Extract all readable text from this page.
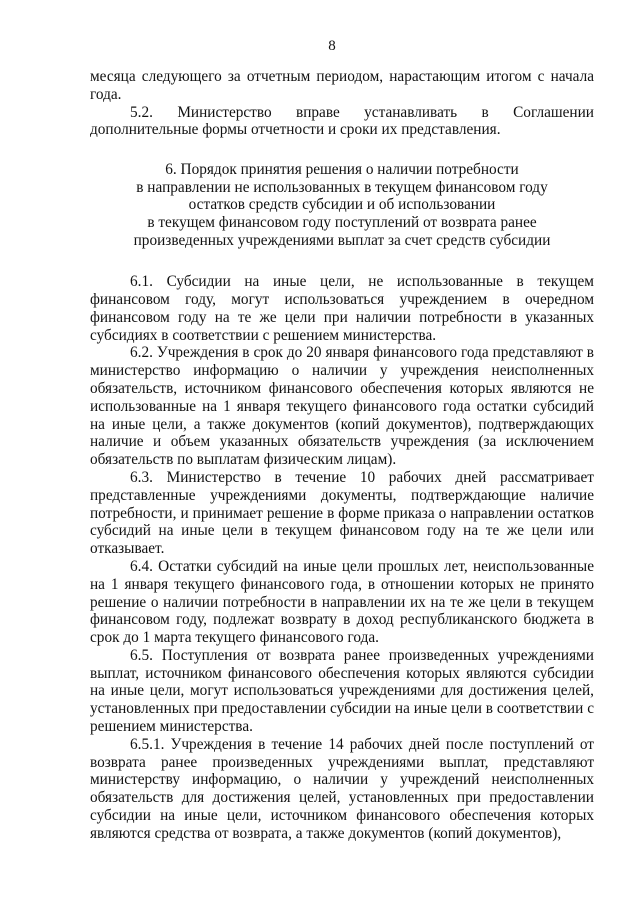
8

месяца следующего за отчетным периодом, нарастающим итогом с начала года.

5.2. Министерство вправе устанавливать в Соглашении дополнительные формы отчетности и сроки их представления.

6. Порядок принятия решения о наличии потребности
в направлении не использованных в текущем финансовом году
остатков средств субсидии и об использовании
в текущем финансовом году поступлений от возврата ранее
произведенных учреждениями выплат за счет средств субсидии

6.1. Субсидии на иные цели, не использованные в текущем финансовом году, могут использоваться учреждением в очередном финансовом году на те же цели при наличии потребности в указанных субсидиях в соответствии с решением министерства.

6.2. Учреждения в срок до 20 января финансового года представляют в министерство информацию о наличии у учреждения неисполненных обязательств, источником финансового обеспечения которых являются не использованные на 1 января текущего финансового года остатки субсидий на иные цели, а также документов (копий документов), подтверждающих наличие и объем указанных обязательств учреждения (за исключением обязательств по выплатам физическим лицам).

6.3. Министерство в течение 10 рабочих дней рассматривает представленные учреждениями документы, подтверждающие наличие потребности, и принимает решение в форме приказа о направлении остатков субсидий на иные цели в текущем финансовом году на те же цели или отказывает.

6.4. Остатки субсидий на иные цели прошлых лет, неиспользованные на 1 января текущего финансового года, в отношении которых не принято решение о наличии потребности в направлении их на те же цели в текущем финансовом году, подлежат возврату в доход республиканского бюджета в срок до 1 марта текущего финансового года.

6.5. Поступления от возврата ранее произведенных учреждениями выплат, источником финансового обеспечения которых являются субсидии на иные цели, могут использоваться учреждениями для достижения целей, установленных при предоставлении субсидии на иные цели в соответствии с решением министерства.

6.5.1. Учреждения в течение 14 рабочих дней после поступлений от возврата ранее произведенных учреждениями выплат, представляют министерству информацию, о наличии у учреждений неисполненных обязательств для достижения целей, установленных при предоставлении субсидии на иные цели, источником финансового обеспечения которых являются средства от возврата, а также документов (копий документов),
